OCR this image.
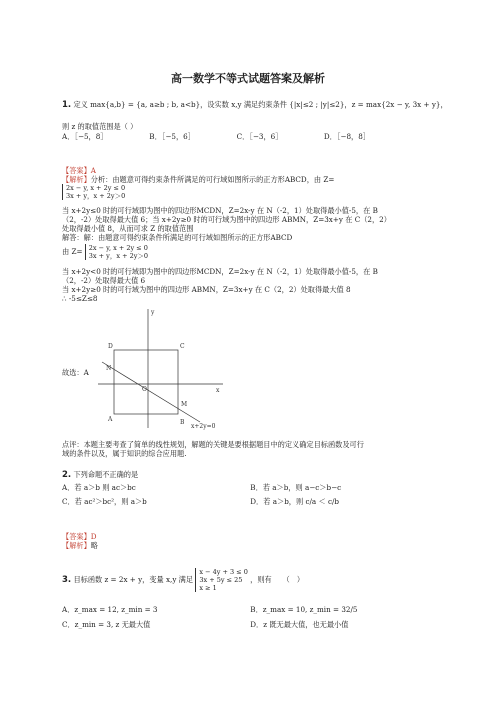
高一数学不等式试题答案及解析
1. 定义 max{a,b} = {a, a≥b ; b, a<b}，设实数 x,y 满足约束条件 {|x|≤2 ; |y|≤2}，z = max{2x − y, 3x + y}，
则 z 的取值范围是（ ）
A．［−5，8］	B．［−5，6］	C．［−3，6］	D．［−8，8］
【答案】A
【解析】分析：由题意可得约束条件所满足的可行域如图所示的正方形ABCD，由 Z=
2x − y, x + 2y ≤ 0
3x + y，x + 2y＞0
当 x+2y≤0 时的可行域即为图中的四边形MCDN，Z=2x-y 在 N（-2，1）处取得最小值-5，在 B
（2，-2）处取得最大值 6；当 x+2y≥0 时的可行域为图中的四边形 ABMN，Z=3x+y 在 C（2，2）
处取得最小值 8，从而可求 Z 的取值范围
解答：解：由题意可得约束条件所满足的可行域如图所示的正方形ABCD
由 Z= 2x − y, x + 2y ≤ 0
3x + y，x + 2y＞0
当 x+2y<0 时的可行域即为图中的四边形MCDN，Z=2x-y 在 N（-2，1）处取得最小值-5，在 B
（2，-2）处取得最大值 6
当 x+2y≥0 时的可行域为图中的四边形 ABMN，Z=3x+y 在 C（2，2）处取得最大值 8
∴ -5≤Z≤8
y
x
D	C
A	B
M
N
O
x+2y=0
故选：A
点评：本题主要考查了简单的线性规划，解题的关键是要根据题目中的定义确定目标函数及可行
域的条件以及，属于知识的综合应用题.
2. 下列命题不正确的是
A．若 a＞b 则 ac＞bc	B．若 a＞b，则 a−c＞b−c
C．若 ac²＞bc²，则 a＞b	D．若 a＞b，则 c/a ＜ c/b
【答案】D
【解析】略
3. 目标函数 z = 2x + y，变量 x,y 满足 x − 4y + 3 ≤ 0
3x + 5y ≤ 25
x ≥ 1 ，则有　　（　）
A．z_max = 12, z_min = 3	B．z_max = 10, z_min = 32/5
C．z_min = 3, z 无最大值	D．z 既无最大值，也无最小值
